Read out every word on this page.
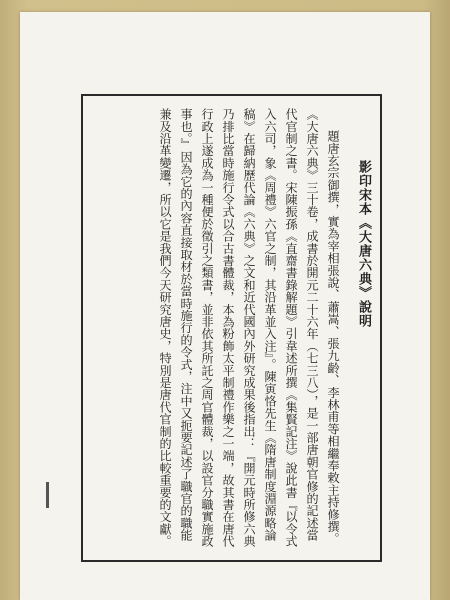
影印宋本《大唐六典》說明

題唐玄宗御撰，實為宰相張說、蕭嵩、張九齡、李林甫等相繼奉敕主持修撰。《大唐六典》三十卷，成書於開元二十六年（七三八），是一部唐朝官修的記述當代官制之書。宋陳振孫《直齋書錄解題》引韋述所撰《集賢記注》說此書『以令式入六司，象《周禮》六官之制，其沿革並入注』。陳寅恪先生《隋唐制度淵源略論稿》在歸納歷代論《六典》之文和近代國內外研究成果後指出：『開元時所修六典乃排比當時施行令式以合古書體裁，本為粉飾太平制禮作樂之一端，故其書在唐代行政上遂成為一種便於徵引之類書，並非依其所託之周官體裁，以設官分職實施政事也。』因為它的內容直接取材於當時施行的令式，注中又扼要記述了職官的職能兼及沿革變遷，所以它是我們今天研究唐史，特別是唐代官制的比較重要的文獻。
